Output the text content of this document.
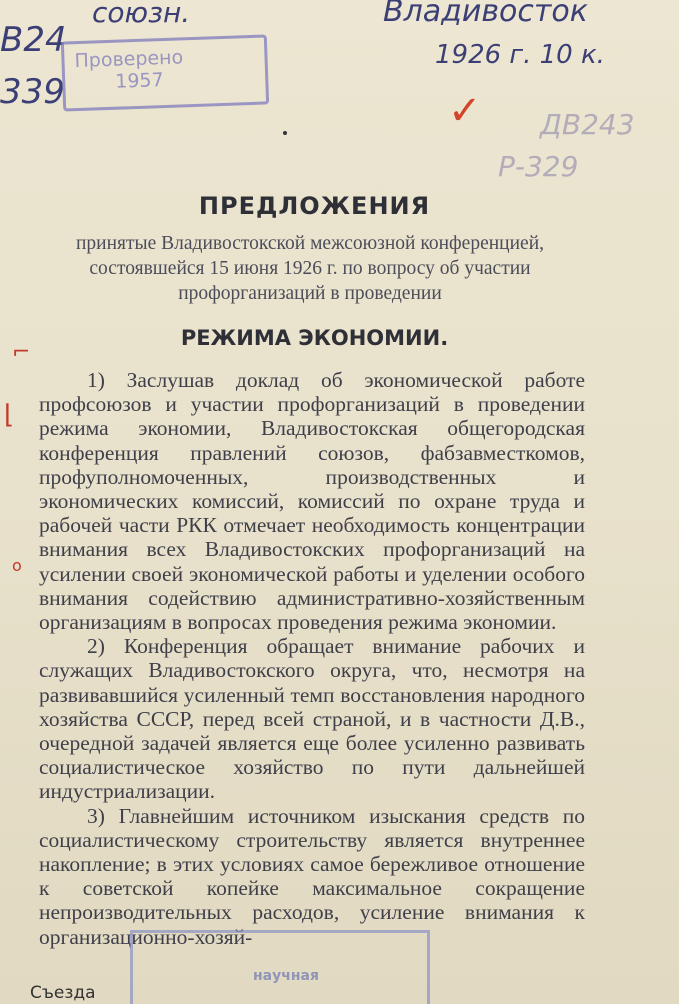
союзн.
В24
339
Владивосток
1926 г. 10 к.
Проверено
1957
✓ ДВ243
Р-329
ПРЕДЛОЖЕНИЯ

принятые Владивостокской межсоюзной конференцией, состоявшейся 15 июня 1926 г. по вопросу об участии профорганизаций в проведении

РЕЖИМА ЭКОНОМИИ.

1) Заслушав доклад об экономической работе профсоюзов и участии профорганизаций в проведении режима экономии, Владивостокская общегородская конференция правлений союзов, фабзавместкомов, профуполномоченных, производственных и экономических комиссий, комиссий по охране труда и рабочей части РКК отмечает необходимость концентрации внимания всех Владивостокских профорганизаций на усилении своей экономической работы и уделении особого внимания содействию административно-хозяйственным организациям в вопросах проведения режима экономии.

2) Конференция обращает внимание рабочих и служащих Владивостокского округа, что, несмотря на развивавшийся усиленный темп восстановления народного хозяйства СССР, перед всей страной, и в частности Д.В., очередной задачей является еще более усиленно развивать социалистическое хозяйство по пути дальнейшей индустриализации.

3) Главнейшим источником изыскания средств по социалистическому строительству является внутреннее накопление; в этих условиях самое бережливое отношение к советской копейке максимальное сокращение непроизводительных расходов, усиление внимания к организационно-хозяй-

⌐
⌊
o
научная
Съезда
